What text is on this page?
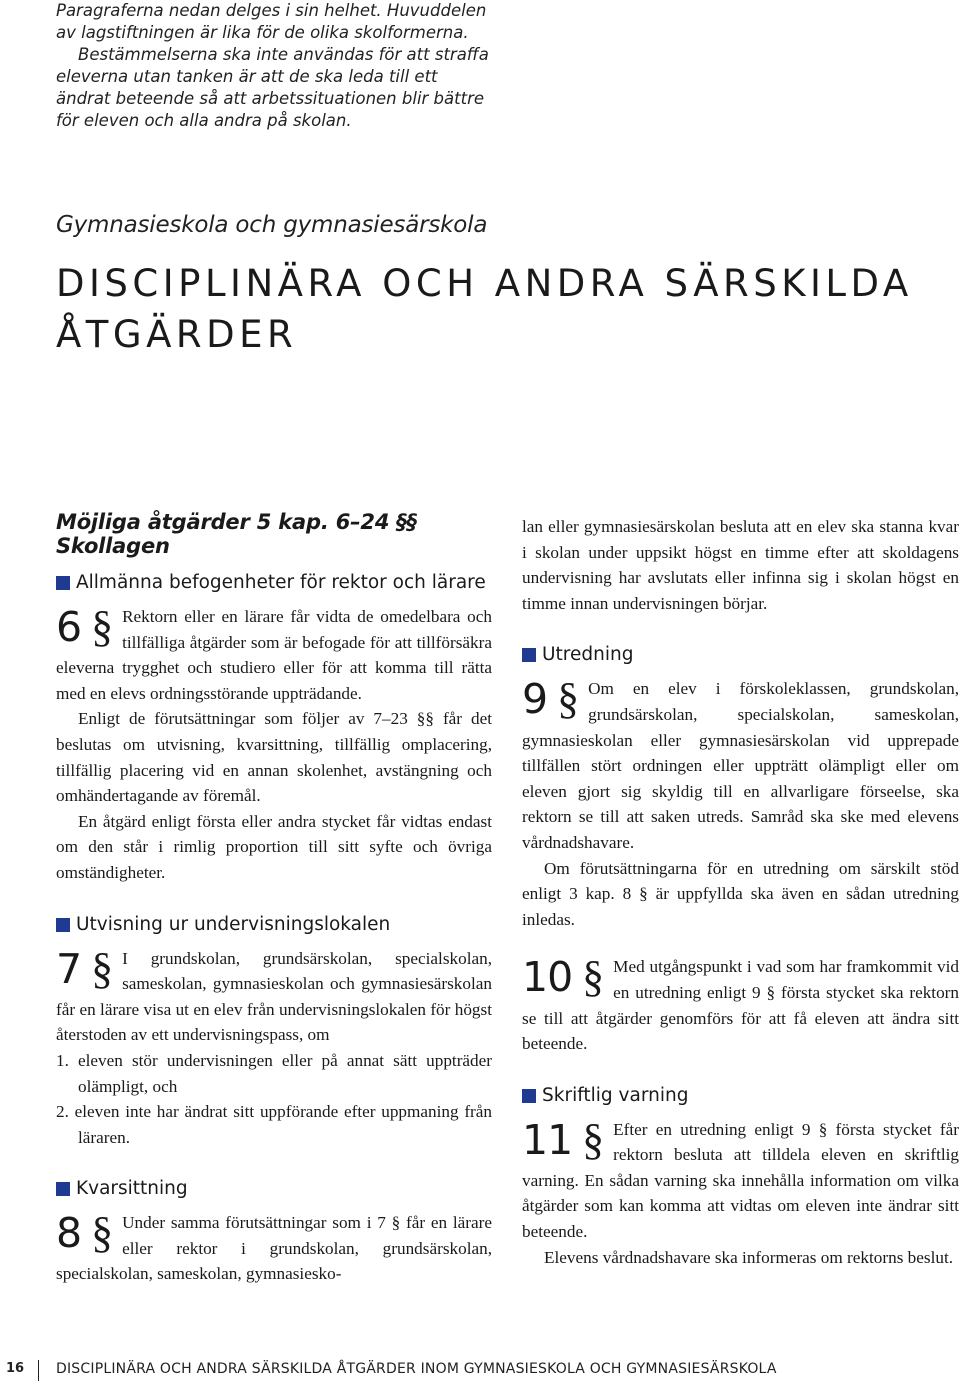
Paragraferna nedan delges i sin helhet. Huvuddelen av lagstiftningen är lika för de olika skolformerna.

Bestämmelserna ska inte användas för att straffa eleverna utan tanken är att de ska leda till ett ändrat beteende så att arbetssituationen blir bättre för eleven och alla andra på skolan.

Gymnasieskola och gymnasiesärskola
DISCIPLINÄRA OCH ANDRA SÄRSKILDA ÅTGÄRDER
Möjliga åtgärder 5 kap. 6–24 §§ Skollagen
Allmänna befogenheter för rektor och lärare
6 § Rektorn eller en lärare får vidta de omedelbara och tillfälliga åtgärder som är befogade för att tillförsäkra eleverna trygghet och studiero eller för att komma till rätta med en elevs ordningsstörande uppträdande.

Enligt de förutsättningar som följer av 7–23 §§ får det beslutas om utvisning, kvarsittning, tillfällig omplacering, tillfällig placering vid en annan skolenhet, avstängning och omhändertagande av föremål.

En åtgärd enligt första eller andra stycket får vidtas endast om den står i rimlig proportion till sitt syfte och övriga omständigheter.

Utvisning ur undervisningslokalen
7 § I grundskolan, grundsärskolan, specialskolan, sameskolan, gymnasieskolan och gymnasiesärskolan får en lärare visa ut en elev från undervisningslokalen för högst återstoden av ett undervisningspass, om

1. eleven stör undervisningen eller på annat sätt uppträder olämpligt, och
2. eleven inte har ändrat sitt uppförande efter uppmaning från läraren.
Kvarsittning
8 § Under samma förutsättningar som i 7 § får en lärare eller rektor i grundskolan, grundsärskolan, specialskolan, sameskolan, gymnasiesko-

lan eller gymnasiesärskolan besluta att en elev ska stanna kvar i skolan under uppsikt högst en timme efter att skoldagens undervisning har avslutats eller infinna sig i skolan högst en timme innan undervisningen börjar.

Utredning
9 § Om en elev i förskoleklassen, grundskolan, grundsärskolan, specialskolan, sameskolan, gymnasieskolan eller gymnasiesärskolan vid upprepade tillfällen stört ordningen eller uppträtt olämpligt eller om eleven gjort sig skyldig till en allvarligare förseelse, ska rektorn se till att saken utreds. Samråd ska ske med elevens vårdnadshavare.

Om förutsättningarna för en utredning om särskilt stöd enligt 3 kap. 8 § är uppfyllda ska även en sådan utredning inledas.

10 § Med utgångspunkt i vad som har framkommit vid en utredning enligt 9 § första stycket ska rektorn se till att åtgärder genomförs för att få eleven att ändra sitt beteende.

Skriftlig varning
11 § Efter en utredning enligt 9 § första stycket får rektorn besluta att tilldela eleven en skriftlig varning. En sådan varning ska innehålla information om vilka åtgärder som kan komma att vidtas om eleven inte ändrar sitt beteende.

Elevens vårdnadshavare ska informeras om rektorns beslut.

16 DISCIPLINÄRA OCH ANDRA SÄRSKILDA ÅTGÄRDER INOM GYMNASIESKOLA OCH GYMNASIESÄRSKOLA
